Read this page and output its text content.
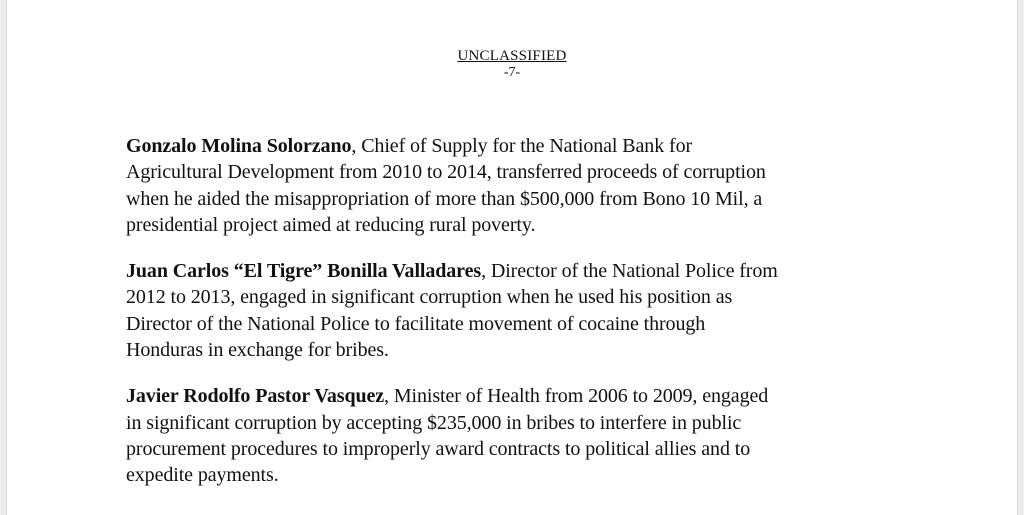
UNCLASSIFIED
-7-

Gonzalo Molina Solorzano, Chief of Supply for the National Bank for
Agricultural Development from 2010 to 2014, transferred proceeds of corruption
when he aided the misappropriation of more than $500,000 from Bono 10 Mil, a
presidential project aimed at reducing rural poverty.

Juan Carlos “El Tigre” Bonilla Valladares, Director of the National Police from
2012 to 2013, engaged in significant corruption when he used his position as
Director of the National Police to facilitate movement of cocaine through
Honduras in exchange for bribes.

Javier Rodolfo Pastor Vasquez, Minister of Health from 2006 to 2009, engaged
in significant corruption by accepting $235,000 in bribes to interfere in public
procurement procedures to improperly award contracts to political allies and to
expedite payments.
